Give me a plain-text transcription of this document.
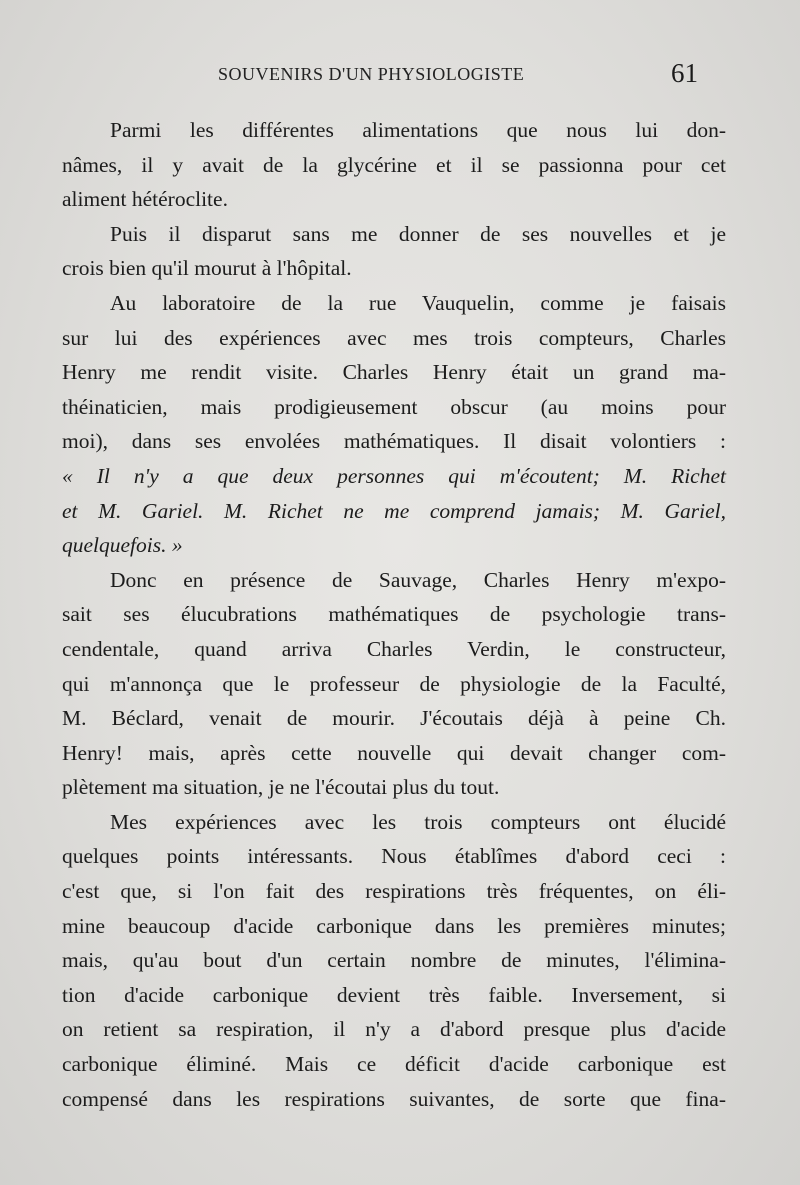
SOUVENIRS D'UN PHYSIOLOGISTE	61
Parmi les différentes alimentations que nous lui don-
nâmes, il y avait de la glycérine et il se passionna pour cet
aliment hétéroclite.
Puis il disparut sans me donner de ses nouvelles et je
crois bien qu'il mourut à l'hôpital.
Au laboratoire de la rue Vauquelin, comme je faisais
sur lui des expériences avec mes trois compteurs, Charles
Henry me rendit visite. Charles Henry était un grand ma-
théinaticien, mais prodigieusement obscur (au moins pour
moi), dans ses envolées mathématiques. Il disait volontiers :
« Il n'y a que deux personnes qui m'écoutent; M. Richet
et M. Gariel. M. Richet ne me comprend jamais; M. Gariel,
quelquefois. »
Donc en présence de Sauvage, Charles Henry m'expo-
sait ses élucubrations mathématiques de psychologie trans-
cendentale, quand arriva Charles Verdin, le constructeur,
qui m'annonça que le professeur de physiologie de la Faculté,
M. Béclard, venait de mourir. J'écoutais déjà à peine Ch.
Henry! mais, après cette nouvelle qui devait changer com-
plètement ma situation, je ne l'écoutai plus du tout.
Mes expériences avec les trois compteurs ont élucidé
quelques points intéressants. Nous établîmes d'abord ceci :
c'est que, si l'on fait des respirations très fréquentes, on éli-
mine beaucoup d'acide carbonique dans les premières minutes;
mais, qu'au bout d'un certain nombre de minutes, l'élimina-
tion d'acide carbonique devient très faible. Inversement, si
on retient sa respiration, il n'y a d'abord presque plus d'acide
carbonique éliminé. Mais ce déficit d'acide carbonique est
compensé dans les respirations suivantes, de sorte que fina-
